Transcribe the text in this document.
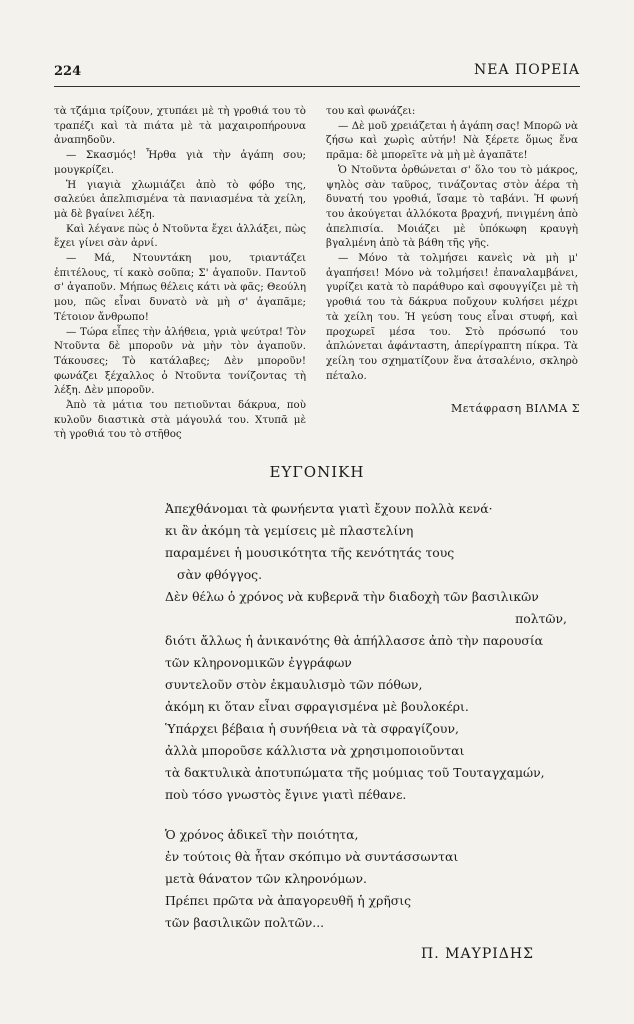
224	ΝΕΑ ΠΟΡΕΙΑ

τὰ τζάμια τρίζουν, χτυπάει μὲ τὴ γροθιά του τὸ τραπέζι καὶ τὰ πιάτα μὲ τὰ μαχαιροπήρουνα ἀναπηδοῦν.

— Σκασμός! Ἦρθα γιὰ τὴν ἀγάπη σου; μουγκρίζει.

Ἡ γιαγιὰ χλωμιάζει ἀπὸ τὸ φόβο της, σαλεύει ἀπελπισμένα τὰ πανιασμένα τὰ χείλη, μὰ δὲ βγαίνει λέξη.

Καὶ λέγανε πὼς ὁ Ντοῦντα ἔχει ἀλλάξει, πὼς ἔχει γίνει σὰν ἀρνί.

— Μά, Ντουντάκη μου, τριαντάζει ἐπιτέλους, τί κακὸ σοῦπα; Σ' ἀγαποῦν. Παντοῦ σ' ἀγαποῦν. Μήπως θέλεις κάτι νὰ φᾶς; Θεούλη μου, πῶς εἶναι δυνατὸ νὰ μὴ σ' ἀγαπᾶμε; Τέτοιον ἄνθρωπο!

— Τώρα εἶπες τὴν ἀλήθεια, γριὰ ψεύτρα! Τὸν Ντοῦντα δὲ μποροῦν νὰ μὴν τὸν ἀγαποῦν. Τάκουσες; Τὸ κατάλαβες; Δὲν μποροῦν! φωνάζει ξέχαλλος ὁ Ντοῦντα τονίζοντας τὴ λέξη. Δὲν μποροῦν.

Ἀπὸ τὰ μάτια του πετιοῦνται δάκρυα, ποὺ κυλοῦν διαστικὰ στὰ μάγουλά του. Χτυπᾶ μὲ τὴ γροθιά του τὸ στῆθος

του καὶ φωνάζει:

— Δὲ μοῦ χρειάζεται ἡ ἀγάπη σας! Μπορῶ νὰ ζήσω καὶ χωρὶς αὐτήν! Νὰ ξέρετε ὅμως ἕνα πρᾶμα: δὲ μπορεῖτε νὰ μὴ μὲ ἀγαπᾶτε!

Ὁ Ντοῦντα ὀρθώνεται σ' ὅλο του τὸ μάκρος, ψηλὸς σὰν ταῦρος, τινάζοντας στὸν ἀέρα τὴ δυνατή του γροθιά, ἴσαμε τὸ ταβάνι. Ἡ φωνή του ἀκούγεται ἀλλόκοτα βραχνή, πνιγμένη ἀπὸ ἀπελπισία. Μοιάζει μὲ ὑπόκωφη κραυγὴ βγαλμένη ἀπὸ τὰ βάθη τῆς γῆς.

— Μόνο τὰ τολμήσει κανεὶς νὰ μὴ μ' ἀγαπήσει! Μόνο νὰ τολμήσει! ἐπαναλαμβάνει, γυρίζει κατὰ τὸ παράθυρο καὶ σφουγγίζει μὲ τὴ γροθιά του τὰ δάκρυα ποὔχουν κυλήσει μέχρι τὰ χείλη του. Ἡ γεύση τους εἶναι στυφή, καὶ προχωρεῖ μέσα του. Στὸ πρόσωπό του ἁπλώνεται ἀφάνταστη, ἀπερίγραπτη πίκρα. Τὰ χείλη του σχηματίζουν ἕνα ἀτσαλένιο, σκληρὸ πέταλο.

Μετάφραση ΒΙΛΜΑ Σ
ΕΥΓΟΝΙΚΗ
Ἀπεχθάνομαι τὰ φωνήεντα γιατὶ ἔχουν πολλὰ κενά·
κι ἂν ἀκόμη τὰ γεμίσεις μὲ πλαστελίνη
παραμένει ἡ μουσικότητα τῆς κενότητάς τους
σὰν φθόγγος.
Δὲν θέλω ὁ χρόνος νὰ κυβερνᾶ τὴν διαδοχὴ τῶν βασιλικῶν
πολτῶν,
διότι ἄλλως ἡ ἀνικανότης θὰ ἀπήλλασσε ἀπὸ τὴν παρουσία
τῶν κληρονομικῶν ἐγγράφων
συντελοῦν στὸν ἐκμαυλισμὸ τῶν πόθων,
ἀκόμη κι ὅταν εἶναι σφραγισμένα μὲ βουλοκέρι.
Ὑπάρχει βέβαια ἡ συνήθεια νὰ τὰ σφραγίζουν,
ἀλλὰ μποροῦσε κάλλιστα νὰ χρησιμοποιοῦνται
τὰ δακτυλικὰ ἀποτυπώματα τῆς μούμιας τοῦ Τουταγχαμών,
ποὺ τόσο γνωστὸς ἔγινε γιατὶ πέθανε.
Ὁ χρόνος ἀδικεῖ τὴν ποιότητα,
ἐν τούτοις θὰ ἦταν σκόπιμο νὰ συντάσσωνται
μετὰ θάνατον τῶν κληρονόμων.
Πρέπει πρῶτα νὰ ἀπαγορευθῆ ἡ χρῆσις
τῶν βασιλικῶν πολτῶν...
Π. ΜΑΥΡΙΔΗΣ
